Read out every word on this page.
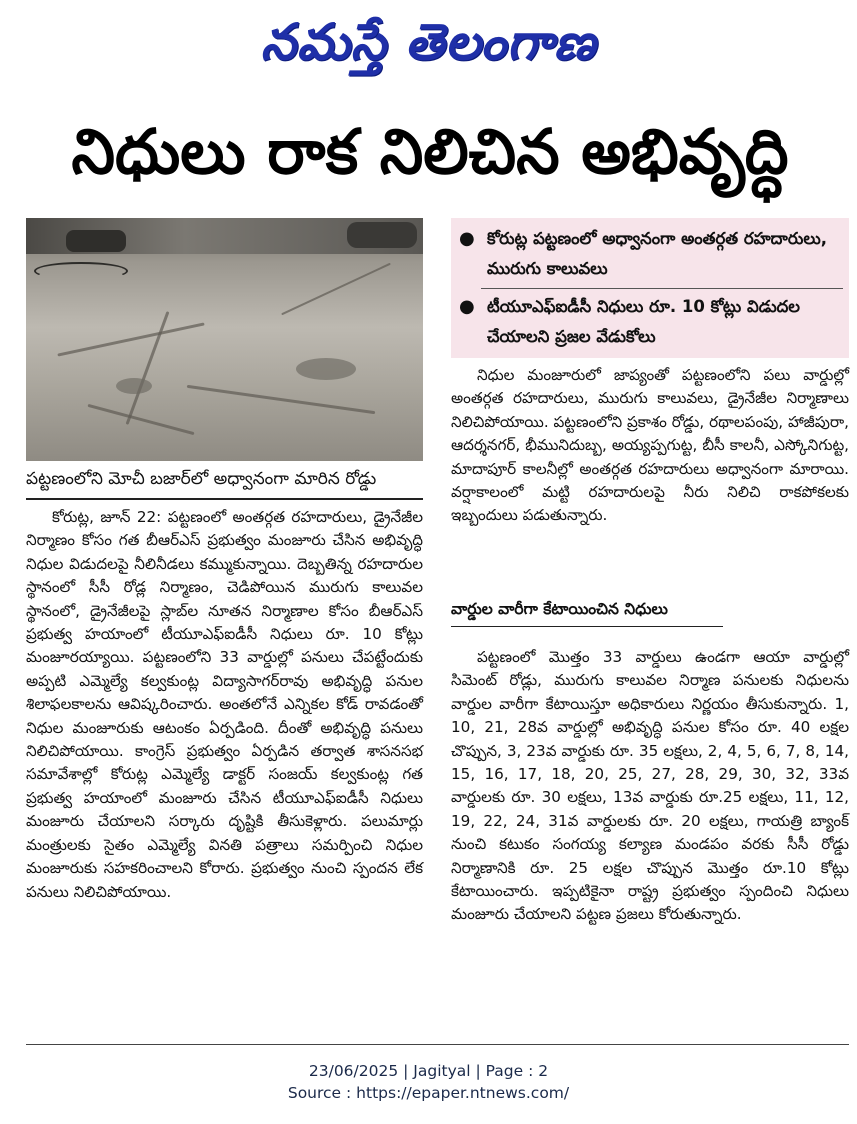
నమస్తే తెలంగాణ
నిధులు రాక నిలిచిన అభివృద్ధి
పట్టణంలోని మోచీ బజార్‌లో అధ్వానంగా మారిన రోడ్డు
● కోరుట్ల పట్టణంలో అధ్వానంగా అంతర్గత రహదారులు, మురుగు కాలువలు
● టీయూఎఫ్‌ఐడీసీ నిధులు రూ. 10 కోట్లు విడుదల చేయాలని ప్రజల వేడుకోలు

కోరుట్ల, జూన్ 22: పట్టణంలో అంతర్గత రహదారులు, డ్రైనేజీల నిర్మాణం కోసం గత బీఆర్‌ఎస్ ప్రభుత్వం మంజూరు చేసిన అభివృద్ధి నిధుల విడుదలపై నీలినీడలు కమ్ముకున్నాయి. దెబ్బతిన్న రహదారుల స్థానంలో సీసీ రోడ్ల నిర్మాణం, చెడిపోయిన మురుగు కాలువల స్థానంలో, డ్రైనేజీలపై స్లాబ్‌ల నూతన నిర్మాణాల కోసం బీఆర్‌ఎస్ ప్రభుత్వ హయాంలో టీయూఎఫ్‌ఐడీసీ నిధులు రూ. 10 కోట్లు మంజూరయ్యాయి. పట్టణంలోని 33 వార్డుల్లో పనులు చేపట్టేందుకు అప్పటి ఎమ్మెల్యే కల్వకుంట్ల విద్యాసాగర్‌రావు అభివృద్ధి పనుల శిలాఫలకాలను ఆవిష్కరించారు. అంతలోనే ఎన్నికల కోడ్ రావడంతో నిధుల మంజూరుకు ఆటంకం ఏర్పడింది. దీంతో అభివృద్ధి పనులు నిలిచిపోయాయి. కాంగ్రెస్ ప్రభుత్వం ఏర్పడిన తర్వాత శాసనసభ సమావేశాల్లో కోరుట్ల ఎమ్మెల్యే డాక్టర్ సంజయ్ కల్వకుంట్ల గత ప్రభుత్వ హయాంలో మంజూరు చేసిన టీయూఎఫ్‌ఐడీసీ నిధులు మంజూరు చేయాలని సర్కారు దృష్టికి తీసుకెళ్లారు. పలుమార్లు మంత్రులకు సైతం ఎమ్మెల్యే వినతి పత్రాలు సమర్పించి నిధుల మంజూరుకు సహకరించాలని కోరారు. ప్రభుత్వం నుంచి స్పందన లేక పనులు నిలిచిపోయాయి.

నిధుల మంజూరులో జాప్యంతో పట్టణంలోని పలు వార్డుల్లో అంతర్గత రహదారులు, మురుగు కాలువలు, డ్రైనేజీల నిర్మాణాలు నిలిచిపోయాయి. పట్టణంలోని ప్రకాశం రోడ్డు, రథాలపంపు, హాజీపురా, ఆదర్శనగర్, భీమునిదుబ్బ, అయ్యప్పగుట్ట, బీసీ కాలనీ, ఎస్కోనిగుట్ట, మాదాపూర్ కాలనీల్లో అంతర్గత రహదారులు అధ్వానంగా మారాయి. వర్షాకాలంలో మట్టి రహదారులపై నీరు నిలిచి రాకపోకలకు ఇబ్బందులు పడుతున్నారు.

వార్డుల వారీగా కేటాయించిన నిధులు

పట్టణంలో మొత్తం 33 వార్డులు ఉండగా ఆయా వార్డుల్లో సిమెంట్ రోడ్లు, మురుగు కాలువల నిర్మాణ పనులకు నిధులను వార్డుల వారీగా కేటాయిస్తూ అధికారులు నిర్ణయం తీసుకున్నారు. 1, 10, 21, 28వ వార్డుల్లో అభివృద్ధి పనుల కోసం రూ. 40 లక్షల చొప్పున, 3, 23వ వార్డుకు రూ. 35 లక్షలు, 2, 4, 5, 6, 7, 8, 14, 15, 16, 17, 18, 20, 25, 27, 28, 29, 30, 32, 33వ వార్డులకు రూ. 30 లక్షలు, 13వ వార్డుకు రూ.25 లక్షలు, 11, 12, 19, 22, 24, 31వ వార్డులకు రూ. 20 లక్షలు, గాయత్రి బ్యాంక్ నుంచి కటుకం సంగయ్య కల్యాణ మండపం వరకు సీసీ రోడ్డు నిర్మాణానికి రూ. 25 లక్షల చొప్పున మొత్తం రూ.10 కోట్లు కేటాయించారు. ఇప్పటికైనా రాష్ట్ర ప్రభుత్వం స్పందించి నిధులు మంజూరు చేయాలని పట్టణ ప్రజలు కోరుతున్నారు.

23/06/2025 | Jagityal | Page : 2
Source : https://epaper.ntnews.com/
